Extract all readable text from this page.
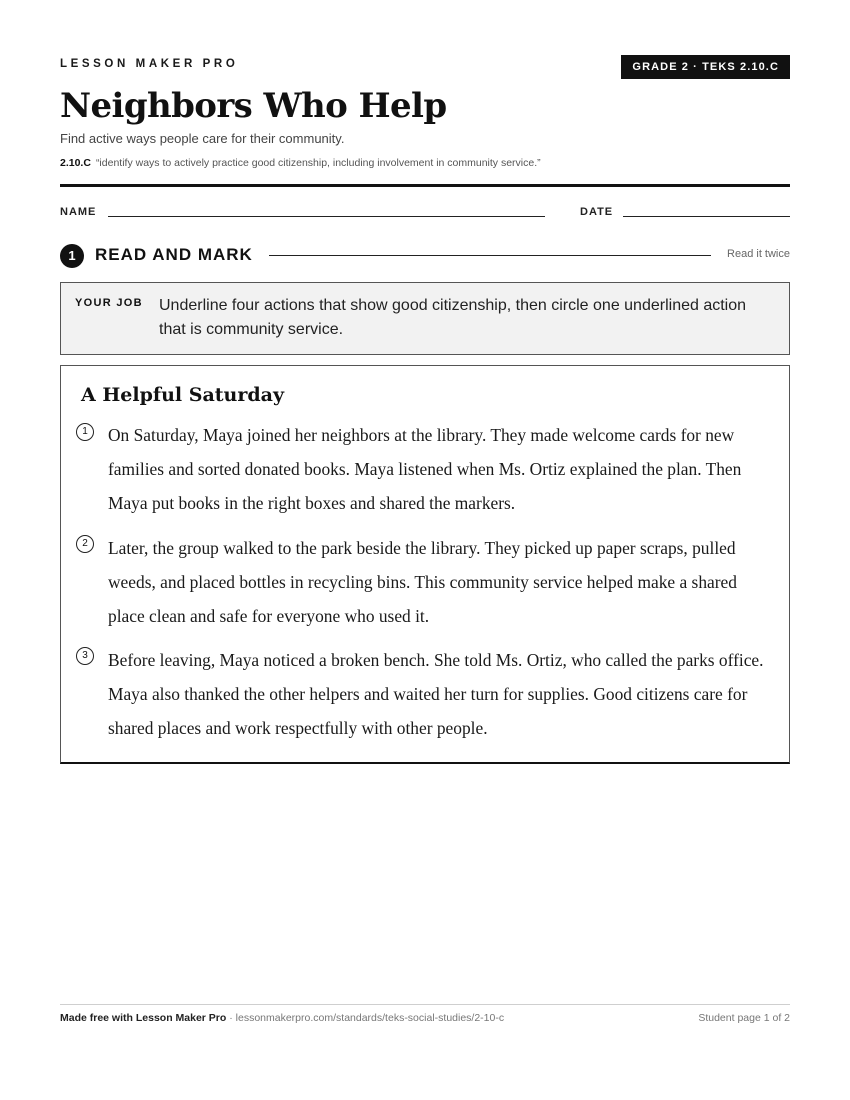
LESSON MAKER PRO	GRADE 2 · TEKS 2.10.C
Neighbors Who Help
Find active ways people care for their community.
2.10.C “identify ways to actively practice good citizenship, including involvement in community service.”
NAME	DATE
1	READ AND MARK	Read it twice
YOUR JOB Underline four actions that show good citizenship, then circle one underlined action that is community service.
A Helpful Saturday
1	On Saturday, Maya joined her neighbors at the library. They made welcome cards for new families and sorted donated books. Maya listened when Ms. Ortiz explained the plan. Then Maya put books in the right boxes and shared the markers.
2	Later, the group walked to the park beside the library. They picked up paper scraps, pulled weeds, and placed bottles in recycling bins. This community service helped make a shared place clean and safe for everyone who used it.
3	Before leaving, Maya noticed a broken bench. She told Ms. Ortiz, who called the parks office. Maya also thanked the other helpers and waited her turn for supplies. Good citizens care for shared places and work respectfully with other people.
Made free with Lesson Maker Pro · lessonmakerpro.com/standards/teks-social-studies/2-10-c	Student page 1 of 2
